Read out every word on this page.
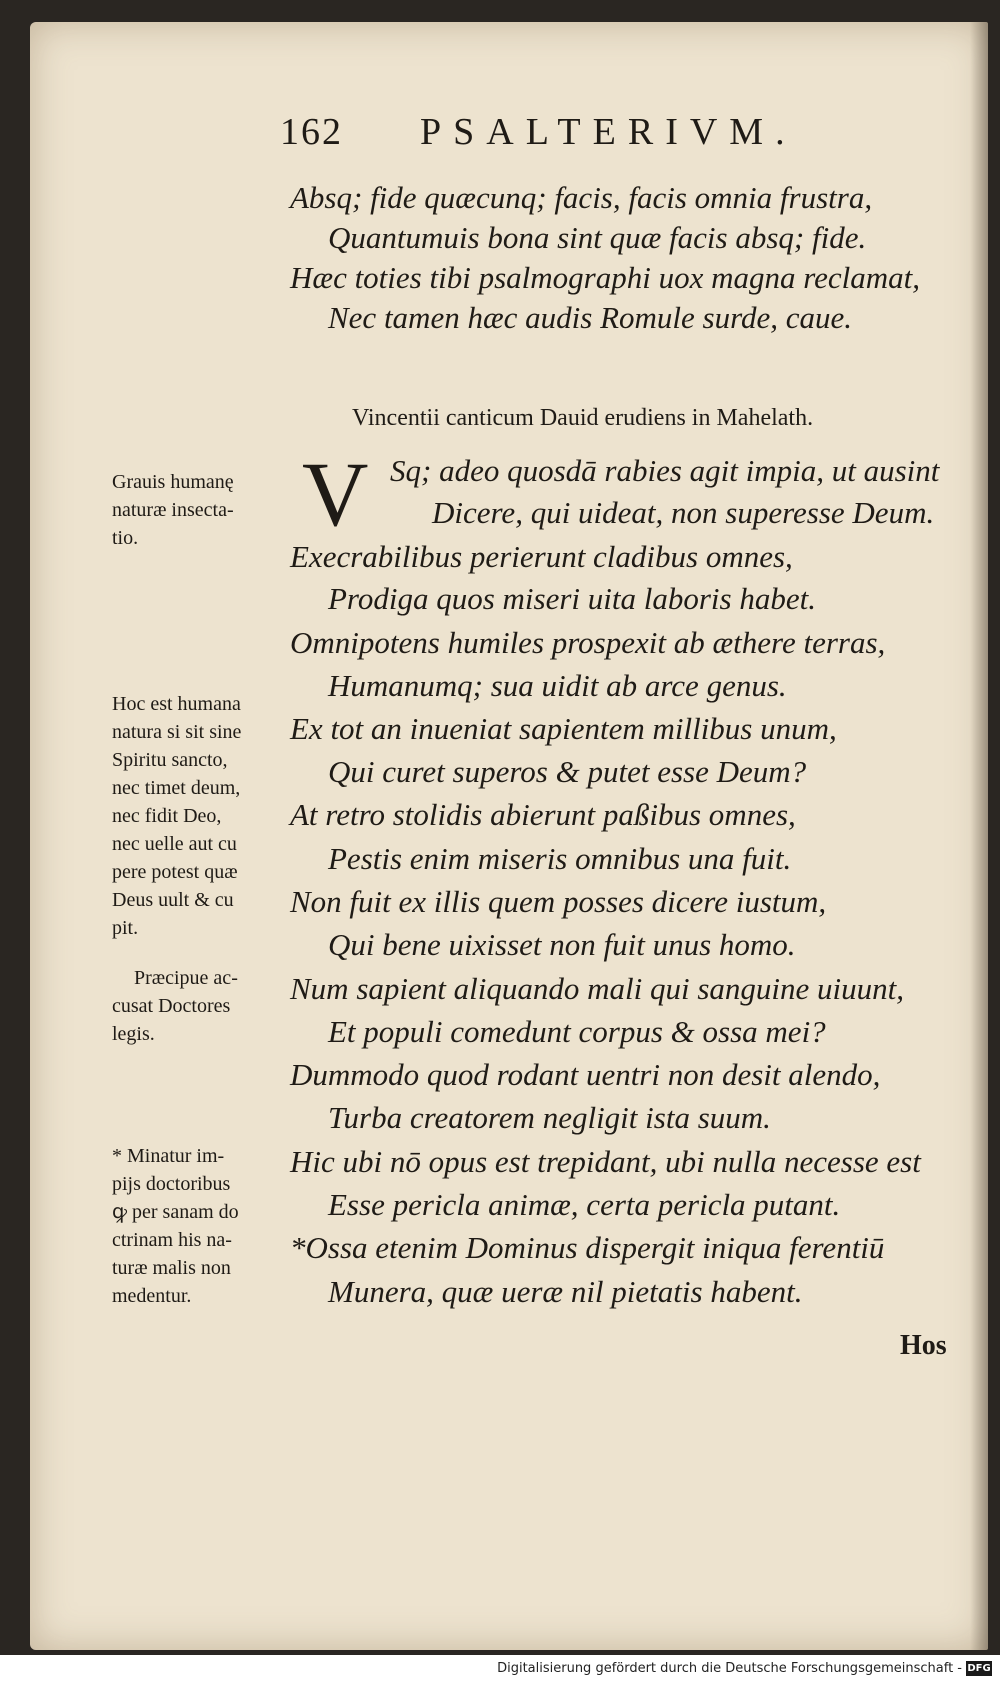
162 PSALTERIVM.
Absq; fide quæcunq; facis, facis omnia frustra,
Quantumuis bona sint quæ facis absq; fide.
Hæc toties tibi psalmographi uox magna reclamat,
Nec tamen hæc audis Romule surde, caue.
Vincentii canticum Dauid erudiens in Mahelath.
V Sq; adeo quosdā rabies agit impia, ut ausint
Dicere, qui uideat, non superesse Deum.
Execrabilibus perierunt cladibus omnes,
Prodiga quos miseri uita laboris habet.
Omnipotens humiles prospexit ab æthere terras,
Humanumq; sua uidit ab arce genus.
Ex tot an inueniat sapientem millibus unum,
Qui curet superos & putet esse Deum?
At retro stolidis abierunt paßibus omnes,
Pestis enim miseris omnibus una fuit.
Non fuit ex illis quem posses dicere iustum,
Qui bene uixisset non fuit unus homo.
Num sapient aliquando mali qui sanguine uiuunt,
Et populi comedunt corpus & ossa mei?
Dummodo quod rodant uentri non desit alendo,
Turba creatorem negligit ista suum.
Hic ubi nō opus est trepidant, ubi nulla necesse est
Esse pericla animæ, certa pericla putant.
*Ossa etenim Dominus dispergit iniqua ferentiū
Munera, quæ ueræ nil pietatis habent.
Grauis humanę
naturæ insecta-
tio.
Hoc est humana
natura si sit sine
Spiritu sancto,
nec timet deum,
nec fidit Deo,
nec uelle aut cu
pere potest quæ
Deus uult & cu
pit.
Præcipue ac-
cusat Doctores
legis.
* Minatur im-
pijs doctoribus
ꝙ per sanam do
ctrinam his na-
turæ malis non
medentur.
Hos
Digitalisierung gefördert durch die Deutsche Forschungsgemeinschaft - DFG
